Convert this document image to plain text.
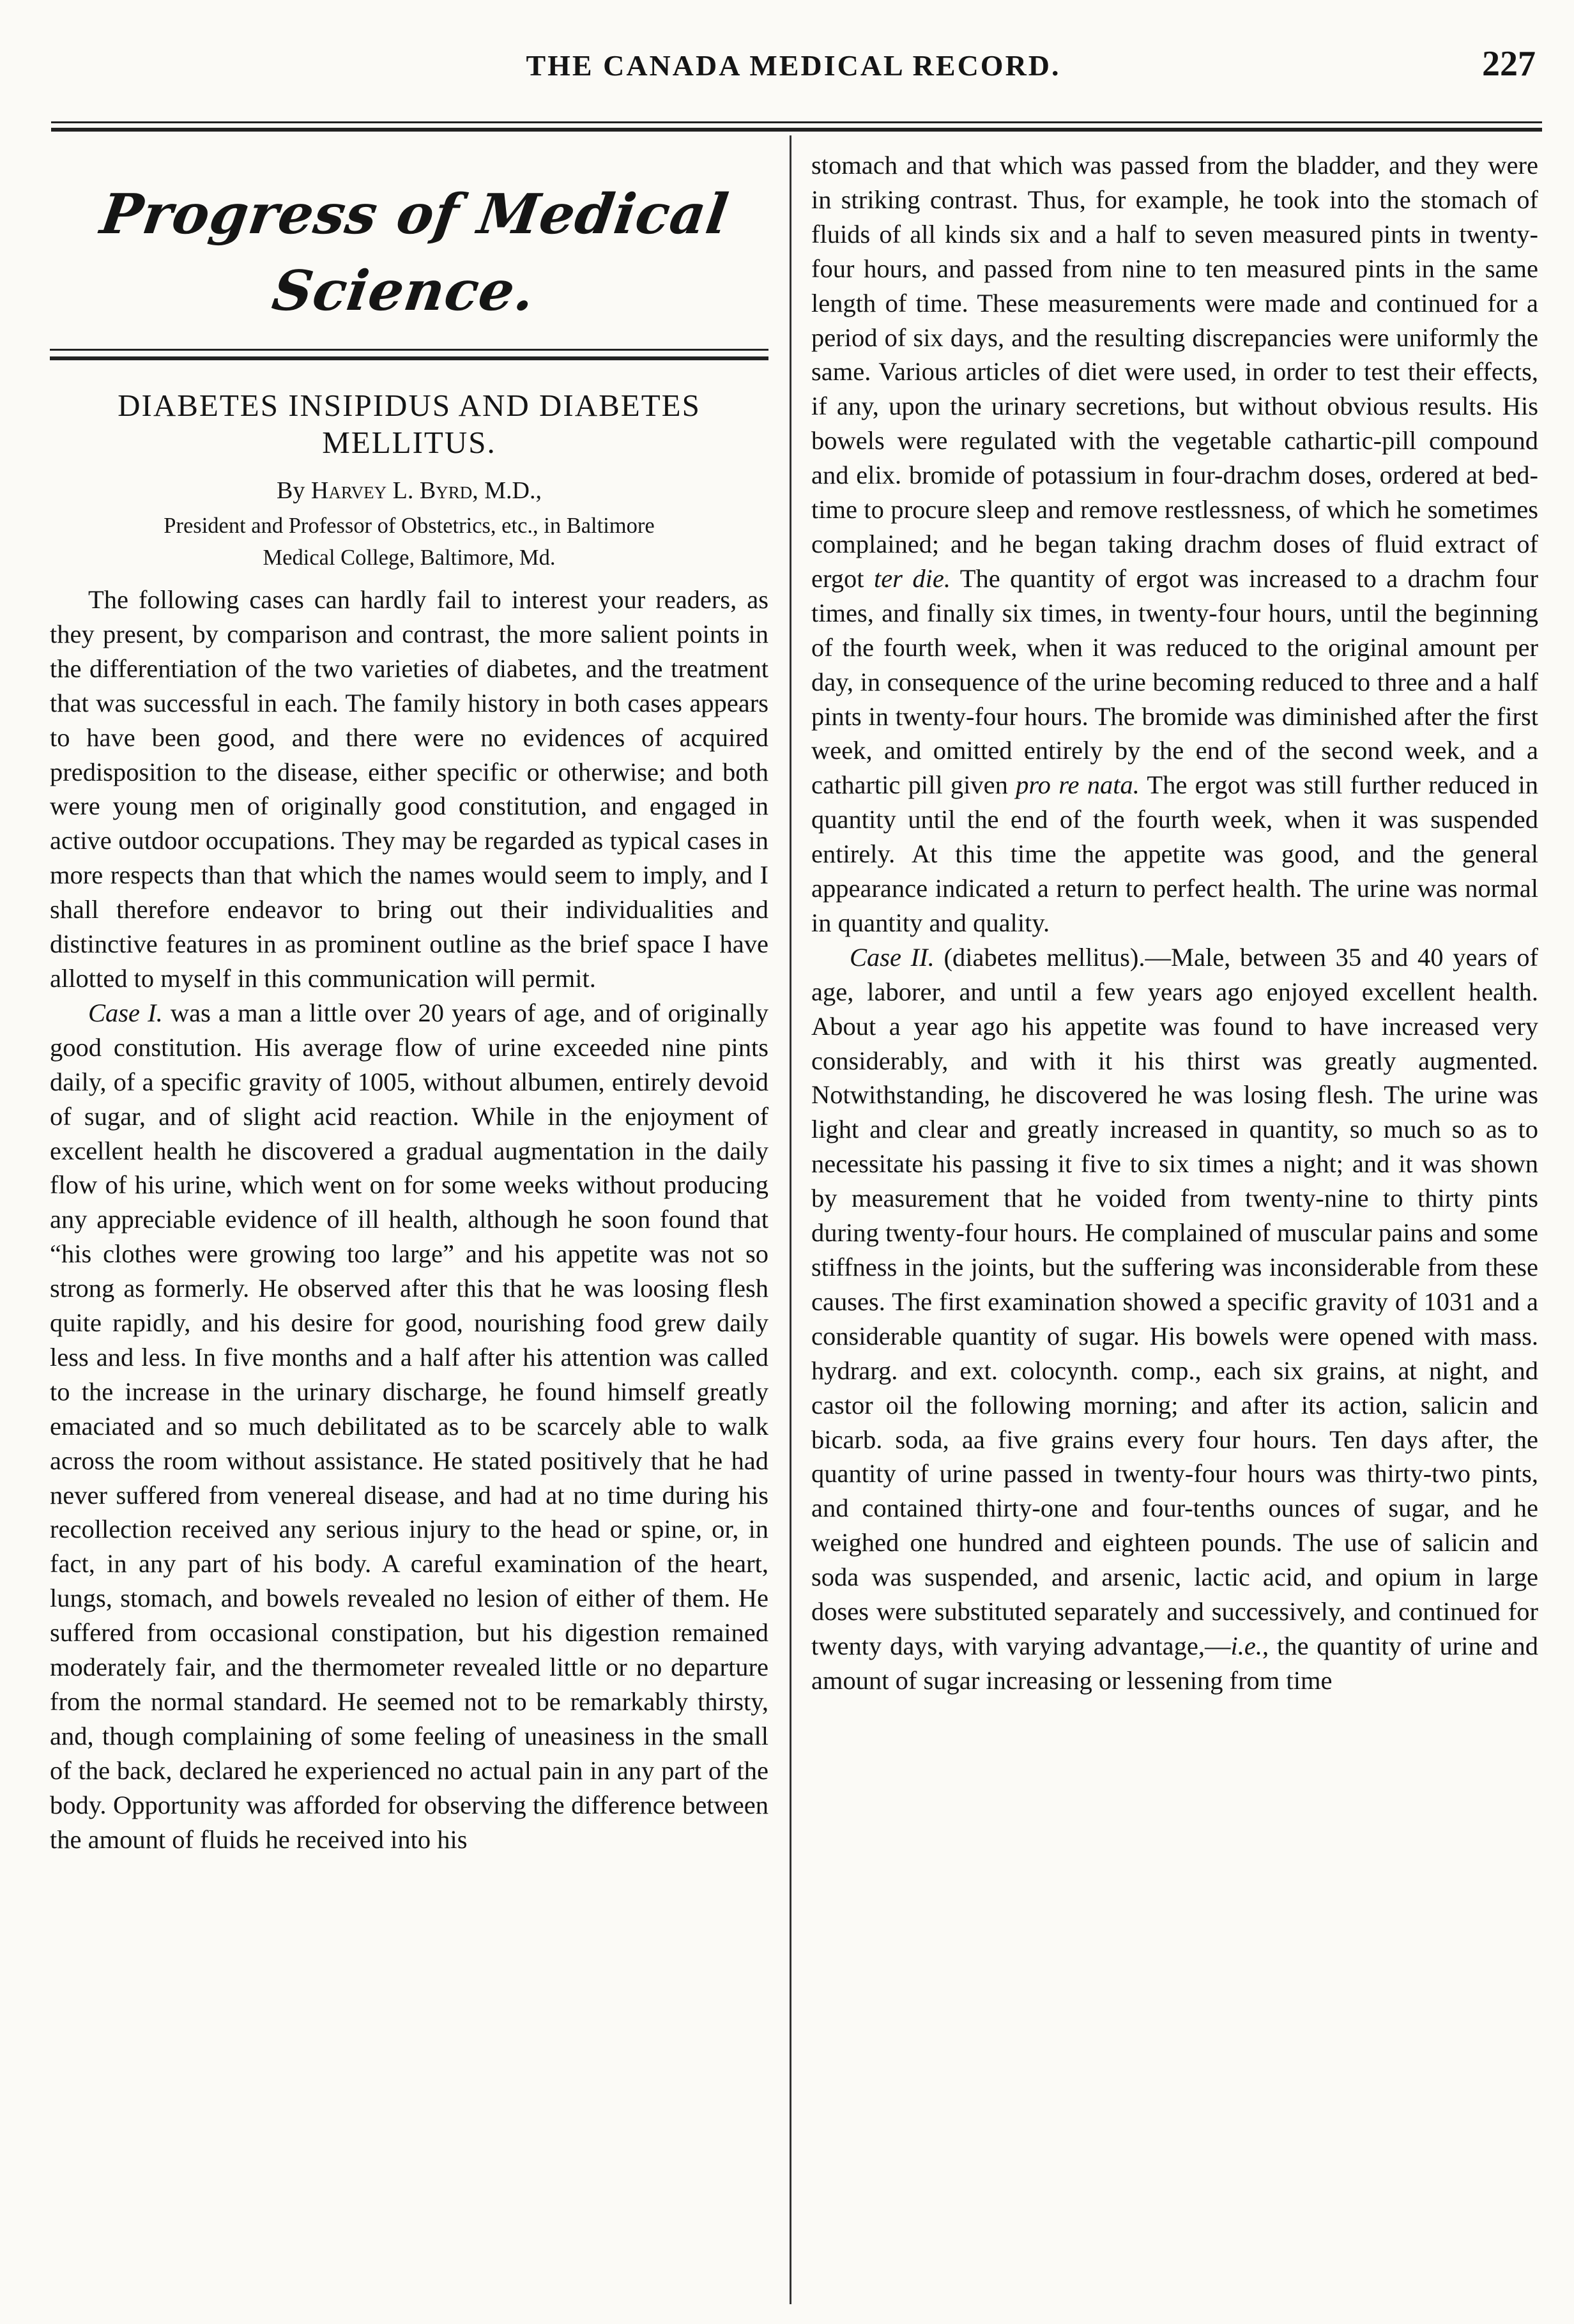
THE CANADA MEDICAL RECORD.	227
Progress of Medical Science.
DIABETES INSIPIDUS AND DIABETES
MELLITUS.
By Harvey L. Byrd, M.D.,
President and Professor of Obstetrics, etc., in Baltimore
Medical College, Baltimore, Md.

The following cases can hardly fail to interest your readers, as they present, by comparison and contrast, the more salient points in the differentiation of the two varieties of diabetes, and the treatment that was successful in each. The family history in both cases appears to have been good, and there were no evidences of acquired predisposition to the disease, either specific or otherwise; and both were young men of originally good constitution, and engaged in active outdoor occupations. They may be regarded as typical cases in more respects than that which the names would seem to imply, and I shall therefore endeavor to bring out their individualities and distinctive features in as prominent outline as the brief space I have allotted to myself in this communication will permit.

Case I. was a man a little over 20 years of age, and of originally good constitution. His average flow of urine exceeded nine pints daily, of a specific gravity of 1005, without albumen, entirely devoid of sugar, and of slight acid reaction. While in the enjoyment of excellent health he discovered a gradual augmentation in the daily flow of his urine, which went on for some weeks without producing any appreciable evidence of ill health, although he soon found that “his clothes were growing too large” and his appetite was not so strong as formerly. He observed after this that he was loosing flesh quite rapidly, and his desire for good, nourishing food grew daily less and less. In five months and a half after his attention was called to the increase in the urinary discharge, he found himself greatly emaciated and so much debilitated as to be scarcely able to walk across the room without assistance. He stated positively that he had never suffered from venereal disease, and had at no time during his recollection received any serious injury to the head or spine, or, in fact, in any part of his body. A careful examination of the heart, lungs, stomach, and bowels revealed no lesion of either of them. He suffered from occasional constipation, but his digestion remained moderately fair, and the thermometer revealed little or no departure from the normal standard. He seemed not to be remarkably thirsty, and, though complaining of some feeling of uneasiness in the small of the back, declared he experienced no actual pain in any part of the body. Opportunity was afforded for observing the difference between the amount of fluids he received into his

stomach and that which was passed from the bladder, and they were in striking contrast. Thus, for example, he took into the stomach of fluids of all kinds six and a half to seven measured pints in twenty-four hours, and passed from nine to ten measured pints in the same length of time. These measurements were made and continued for a period of six days, and the resulting discrepancies were uniformly the same. Various articles of diet were used, in order to test their effects, if any, upon the urinary secretions, but without obvious results. His bowels were regulated with the vegetable cathartic-pill compound and elix. bromide of potassium in four-drachm doses, ordered at bed-time to procure sleep and remove restlessness, of which he sometimes complained; and he began taking drachm doses of fluid extract of ergot ter die. The quantity of ergot was increased to a drachm four times, and finally six times, in twenty-four hours, until the beginning of the fourth week, when it was reduced to the original amount per day, in consequence of the urine becoming reduced to three and a half pints in twenty-four hours. The bromide was diminished after the first week, and omitted entirely by the end of the second week, and a cathartic pill given pro re nata. The ergot was still further reduced in quantity until the end of the fourth week, when it was suspended entirely. At this time the appetite was good, and the general appearance indicated a return to perfect health. The urine was normal in quantity and quality.

Case II. (diabetes mellitus).—Male, between 35 and 40 years of age, laborer, and until a few years ago enjoyed excellent health. About a year ago his appetite was found to have increased very considerably, and with it his thirst was greatly augmented. Notwithstanding, he discovered he was losing flesh. The urine was light and clear and greatly increased in quantity, so much so as to necessitate his passing it five to six times a night; and it was shown by measurement that he voided from twenty-nine to thirty pints during twenty-four hours. He complained of muscular pains and some stiffness in the joints, but the suffering was inconsiderable from these causes. The first examination showed a specific gravity of 1031 and a considerable quantity of sugar. His bowels were opened with mass. hydrarg. and ext. colocynth. comp., each six grains, at night, and castor oil the following morning; and after its action, salicin and bicarb. soda, aa five grains every four hours. Ten days after, the quantity of urine passed in twenty-four hours was thirty-two pints, and contained thirty-one and four-tenths ounces of sugar, and he weighed one hundred and eighteen pounds. The use of salicin and soda was suspended, and arsenic, lactic acid, and opium in large doses were substituted separately and successively, and continued for twenty days, with varying advantage,—i.e., the quantity of urine and amount of sugar increasing or lessening from time
